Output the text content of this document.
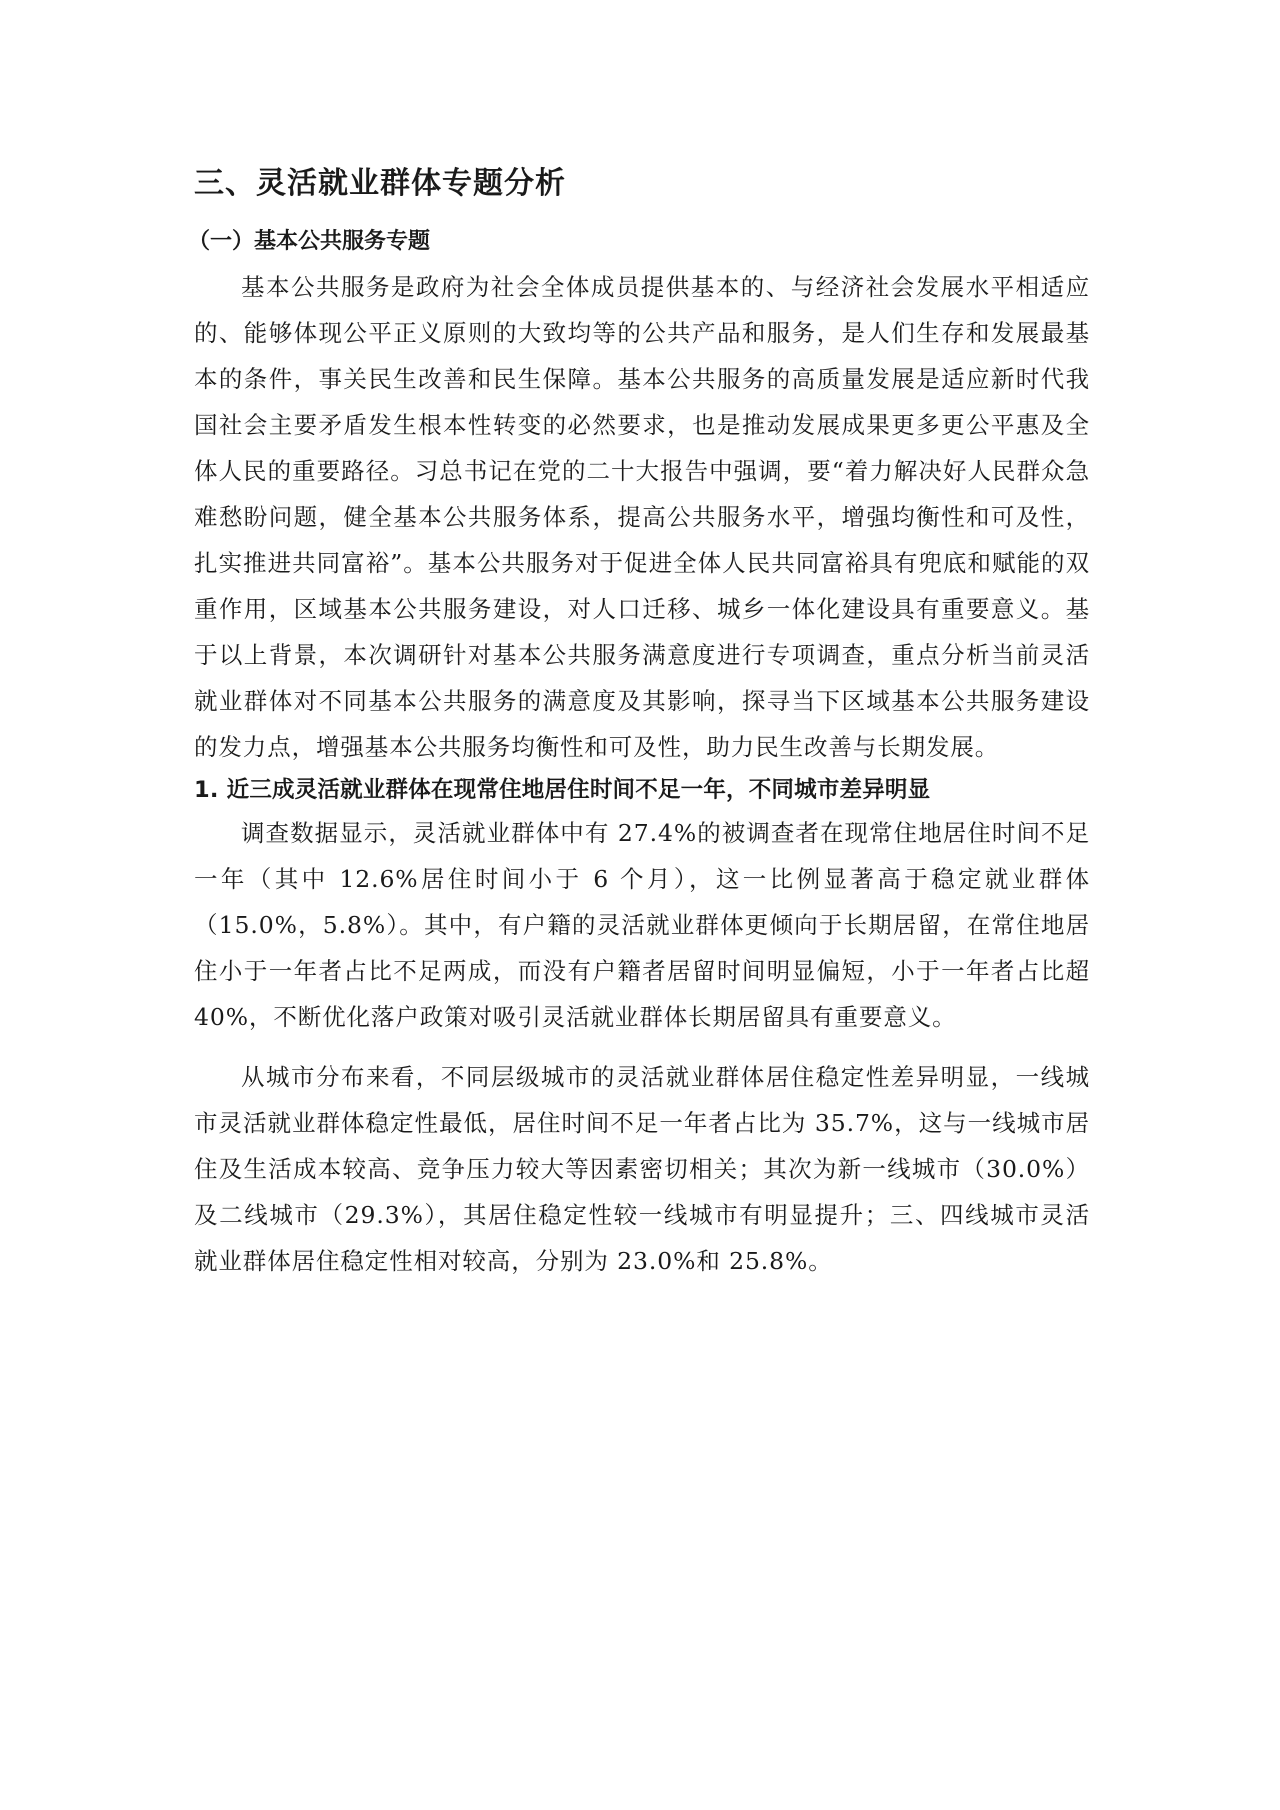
三、灵活就业群体专题分析
（一）基本公共服务专题

基本公共服务是政府为社会全体成员提供基本的、与经济社会发展水平相适应的、能够体现公平正义原则的大致均等的公共产品和服务，是人们生存和发展最基本的条件，事关民生改善和民生保障。基本公共服务的高质量发展是适应新时代我国社会主要矛盾发生根本性转变的必然要求，也是推动发展成果更多更公平惠及全体人民的重要路径。习总书记在党的二十大报告中强调，要“着力解决好人民群众急难愁盼问题，健全基本公共服务体系，提高公共服务水平，增强均衡性和可及性，扎实推进共同富裕”。基本公共服务对于促进全体人民共同富裕具有兜底和赋能的双重作用，区域基本公共服务建设，对人口迁移、城乡一体化建设具有重要意义。基于以上背景，本次调研针对基本公共服务满意度进行专项调查，重点分析当前灵活就业群体对不同基本公共服务的满意度及其影响，探寻当下区域基本公共服务建设的发力点，增强基本公共服务均衡性和可及性，助力民生改善与长期发展。

1. 近三成灵活就业群体在现常住地居住时间不足一年，不同城市差异明显

调查数据显示，灵活就业群体中有 27.4%的被调查者在现常住地居住时间不足一年（其中 12.6%居住时间小于 6 个月），这一比例显著高于稳定就业群体（15.0%，5.8%）。其中，有户籍的灵活就业群体更倾向于长期居留，在常住地居住小于一年者占比不足两成，而没有户籍者居留时间明显偏短，小于一年者占比超 40%，不断优化落户政策对吸引灵活就业群体长期居留具有重要意义。

从城市分布来看，不同层级城市的灵活就业群体居住稳定性差异明显，一线城市灵活就业群体稳定性最低，居住时间不足一年者占比为 35.7%，这与一线城市居住及生活成本较高、竞争压力较大等因素密切相关；其次为新一线城市（30.0%）及二线城市（29.3%），其居住稳定性较一线城市有明显提升；三、四线城市灵活就业群体居住稳定性相对较高，分别为 23.0%和 25.8%。
